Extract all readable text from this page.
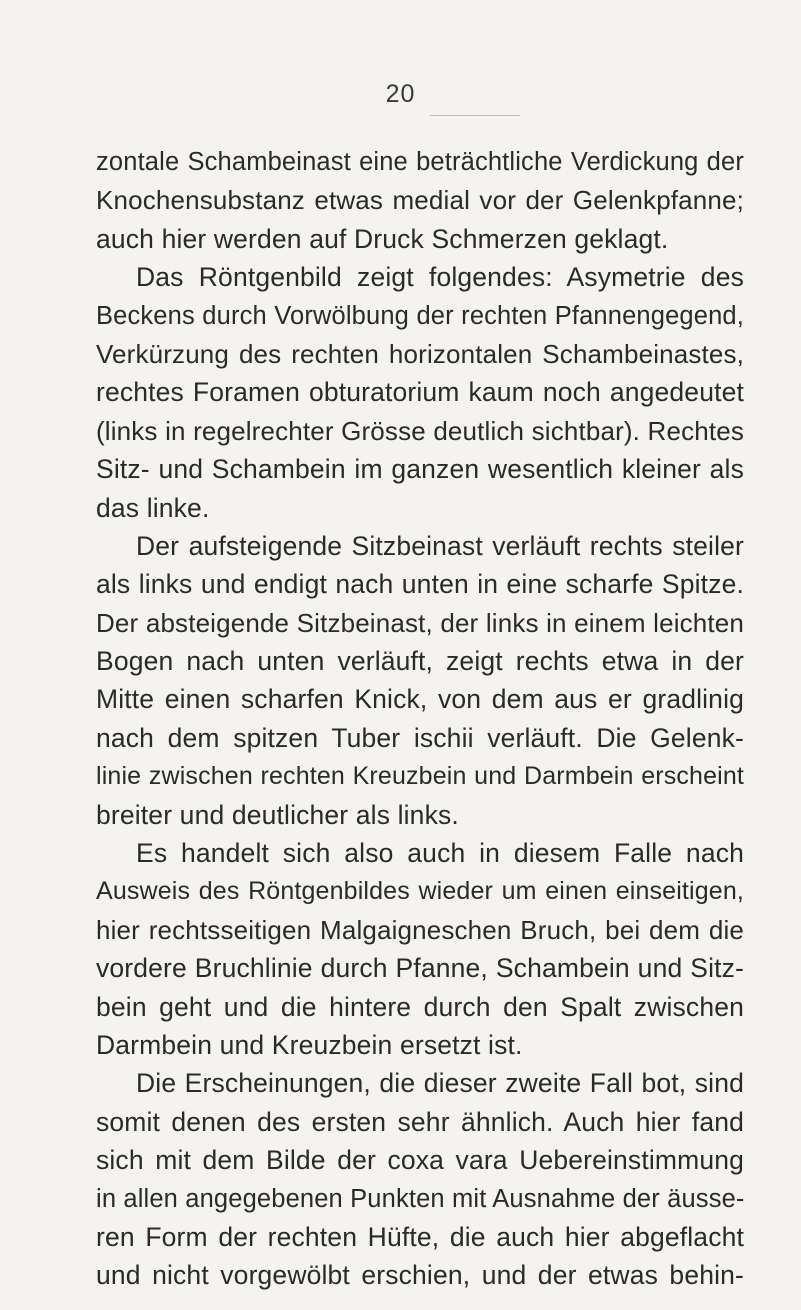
20
zontale Schambeinast eine beträchtliche Verdickung der
Knochensubstanz etwas medial vor der Gelenkpfanne;
auch hier werden auf Druck Schmerzen geklagt.
Das Röntgenbild zeigt folgendes: Asymetrie des
Beckens durch Vorwölbung der rechten Pfannengegend,
Verkürzung des rechten horizontalen Schambeinastes,
rechtes Foramen obturatorium kaum noch angedeutet
(links in regelrechter Grösse deutlich sichtbar). Rechtes
Sitz- und Schambein im ganzen wesentlich kleiner als
das linke.
Der aufsteigende Sitzbeinast verläuft rechts steiler
als links und endigt nach unten in eine scharfe Spitze.
Der absteigende Sitzbeinast, der links in einem leichten
Bogen nach unten verläuft, zeigt rechts etwa in der
Mitte einen scharfen Knick, von dem aus er gradlinig
nach dem spitzen Tuber ischii verläuft. Die Gelenk-
linie zwischen rechten Kreuzbein und Darmbein erscheint
breiter und deutlicher als links.
Es handelt sich also auch in diesem Falle nach
Ausweis des Röntgenbildes wieder um einen einseitigen,
hier rechtsseitigen Malgaigneschen Bruch, bei dem die
vordere Bruchlinie durch Pfanne, Schambein und Sitz-
bein geht und die hintere durch den Spalt zwischen
Darmbein und Kreuzbein ersetzt ist.
Die Erscheinungen, die dieser zweite Fall bot, sind
somit denen des ersten sehr ähnlich. Auch hier fand
sich mit dem Bilde der coxa vara Uebereinstimmung
in allen angegebenen Punkten mit Ausnahme der äusse-
ren Form der rechten Hüfte, die auch hier abgeflacht
und nicht vorgewölbt erschien, und der etwas behin-
